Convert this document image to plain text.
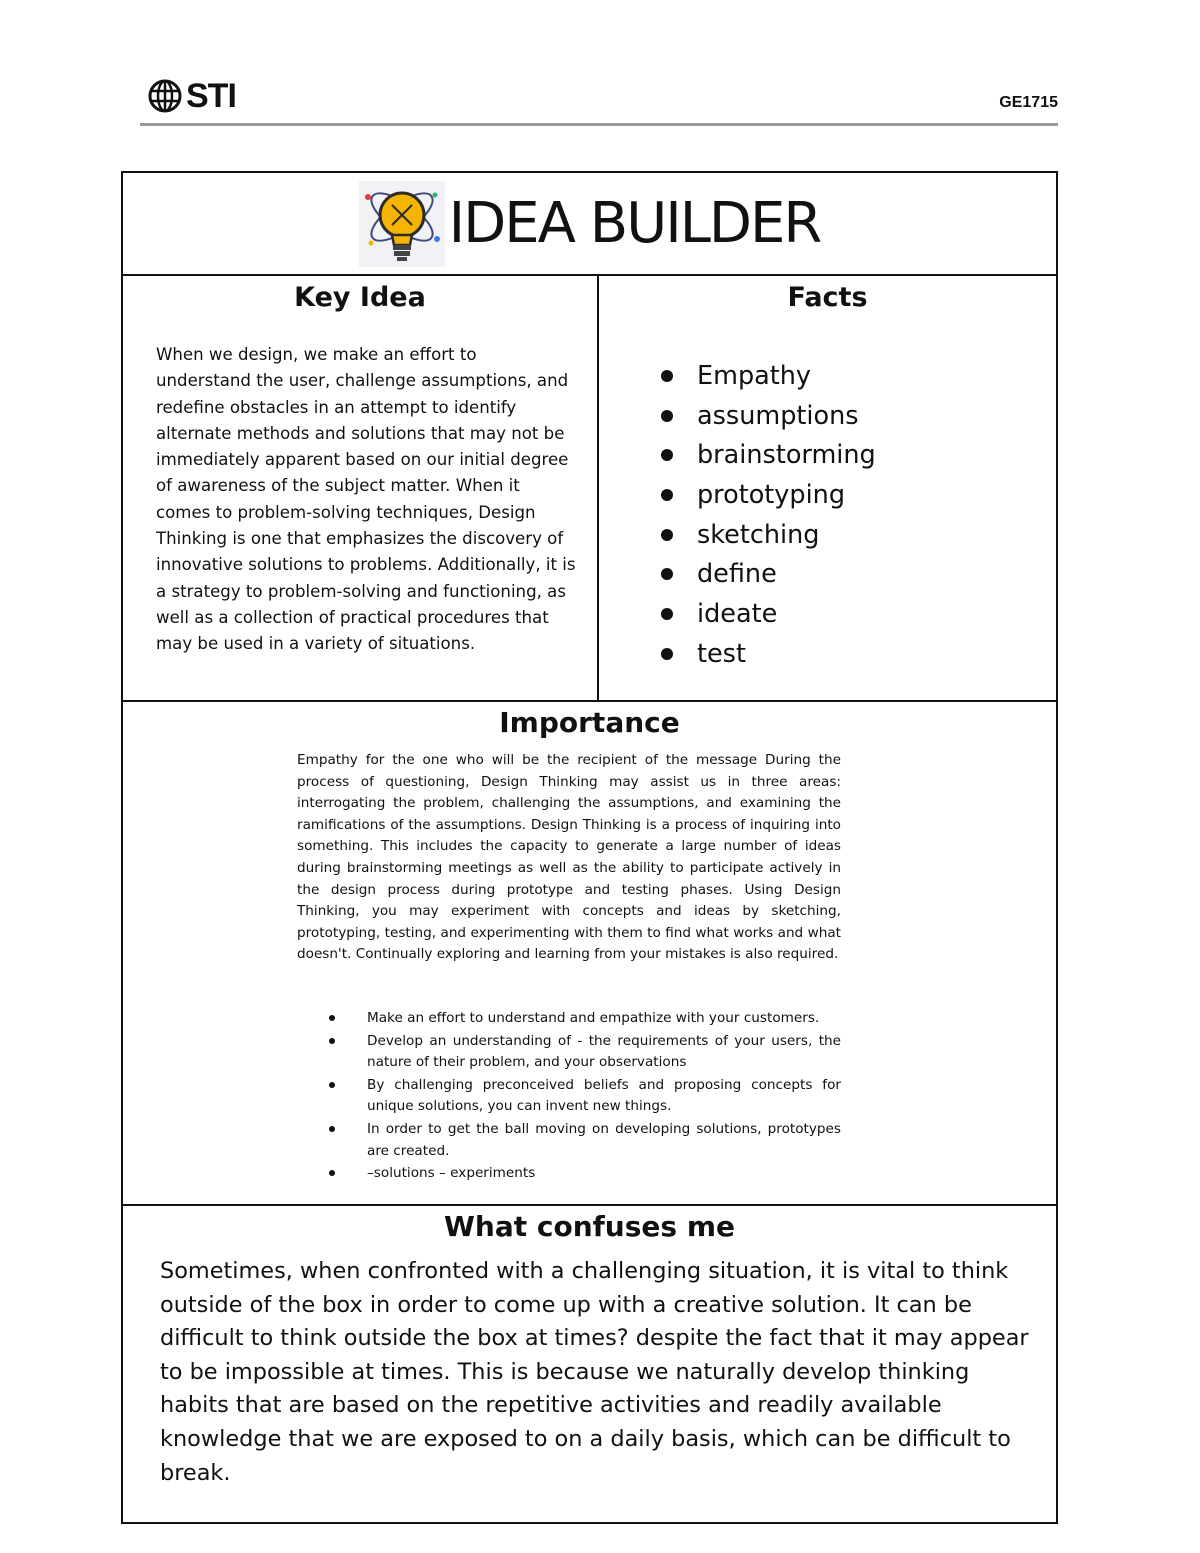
STI	GE1715
IDEA BUILDER
Key Idea

When we design, we make an effort to understand the user, challenge assumptions, and redefine obstacles in an attempt to identify alternate methods and solutions that may not be immediately apparent based on our initial degree of awareness of the subject matter. When it comes to problem-solving techniques, Design Thinking is one that emphasizes the discovery of innovative solutions to problems. Additionally, it is a strategy to problem-solving and functioning, as well as a collection of practical procedures that may be used in a variety of situations.

Facts
Empathy
assumptions
brainstorming
prototyping
sketching
define
ideate
test
Importance

Empathy for the one who will be the recipient of the message During the process of questioning, Design Thinking may assist us in three areas: interrogating the problem, challenging the assumptions, and examining the ramifications of the assumptions. Design Thinking is a process of inquiring into something. This includes the capacity to generate a large number of ideas during brainstorming meetings as well as the ability to participate actively in the design process during prototype and testing phases. Using Design Thinking, you may experiment with concepts and ideas by sketching, prototyping, testing, and experimenting with them to find what works and what doesn't. Continually exploring and learning from your mistakes is also required.

Make an effort to understand and empathize with your customers.
Develop an understanding of - the requirements of your users, the nature of their problem, and your observations
By challenging preconceived beliefs and proposing concepts for unique solutions, you can invent new things.
In order to get the ball moving on developing solutions, prototypes are created.
–solutions – experiments
What confuses me

Sometimes, when confronted with a challenging situation, it is vital to think outside of the box in order to come up with a creative solution. It can be difficult to think outside the box at times? despite the fact that it may appear to be impossible at times. This is because we naturally develop thinking habits that are based on the repetitive activities and readily available knowledge that we are exposed to on a daily basis, which can be difficult to break.
